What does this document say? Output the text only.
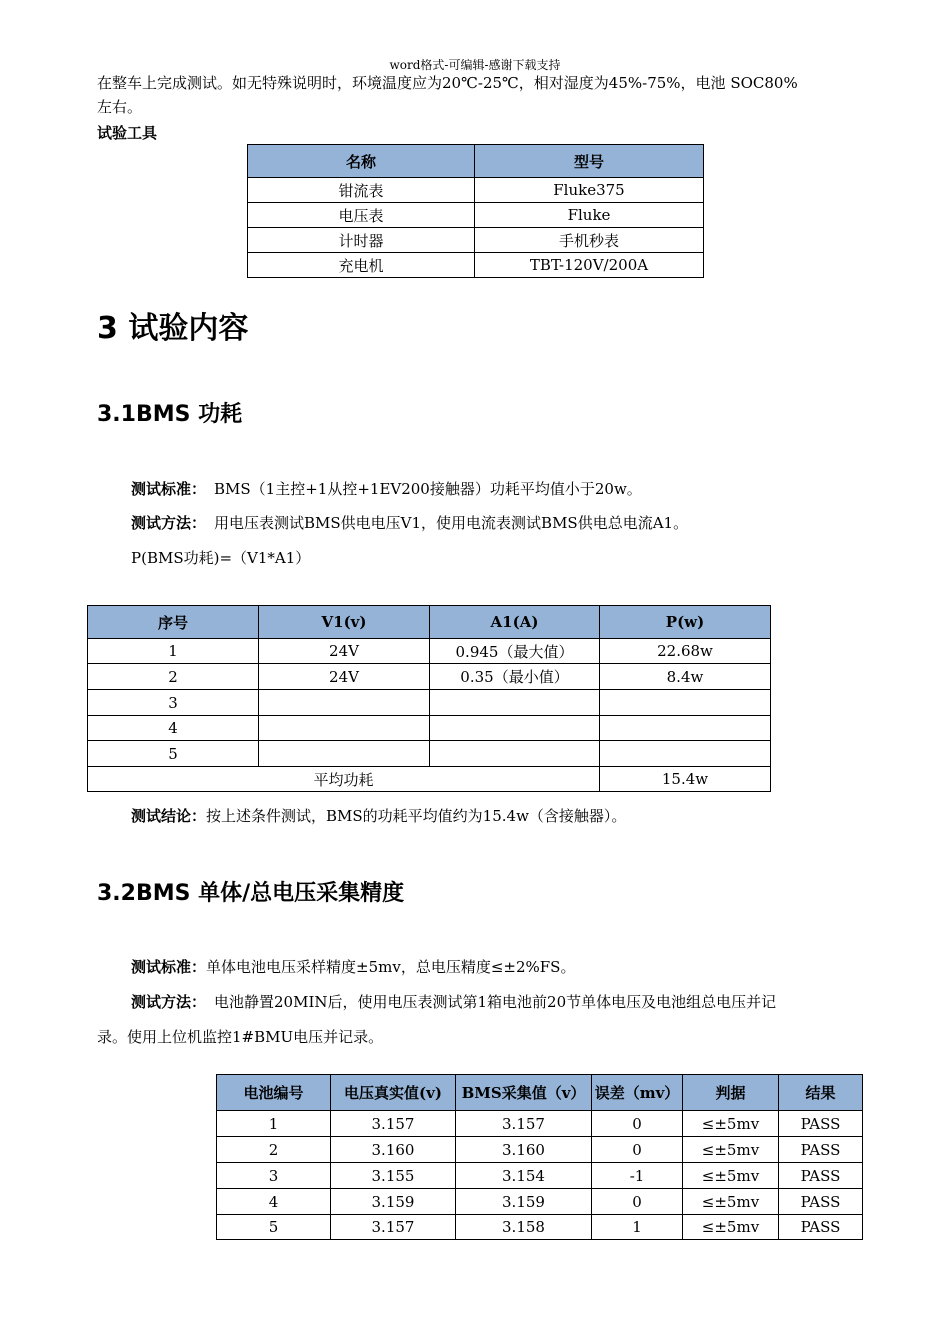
word格式-可编辑-感谢下载支持
在整车上完成测试。如无特殊说明时，环境温度应为20℃-25℃，相对湿度为45%-75%，电池 SOC80%
左右。
试验工具
名称	型号
钳流表	Fluke375
电压表	Fluke
计时器	手机秒表
充电机	TBT-120V/200A
3 试验内容
3.1BMS 功耗
测试标准： BMS（1主控+1从控+1EV200接触器）功耗平均值小于20w。
测试方法： 用电压表测试BMS供电电压V1，使用电流表测试BMS供电总电流A1。
P(BMS功耗)=（V1*A1）
序号	V1(v)	A1(A)	P(w)
1	24V	0.945（最大值）	22.68w
2	24V	0.35（最小值）	8.4w
3			
4			
5			
平均功耗			15.4w
测试结论：按上述条件测试，BMS的功耗平均值约为15.4w（含接触器）。
3.2BMS 单体/总电压采集精度
测试标准：单体电池电压采样精度±5mv，总电压精度≤±2%FS。
测试方法： 电池静置20MIN后，使用电压表测试第1箱电池前20节单体电压及电池组总电压并记
录。使用上位机监控1#BMU电压并记录。
电池编号	电压真实值(v)	BMS采集值（v）	误差（mv）	判据	结果
1	3.157	3.157	0	≤±5mv	PASS
2	3.160	3.160	0	≤±5mv	PASS
3	3.155	3.154	-1	≤±5mv	PASS
4	3.159	3.159	0	≤±5mv	PASS
5	3.157	3.158	1	≤±5mv	PASS
